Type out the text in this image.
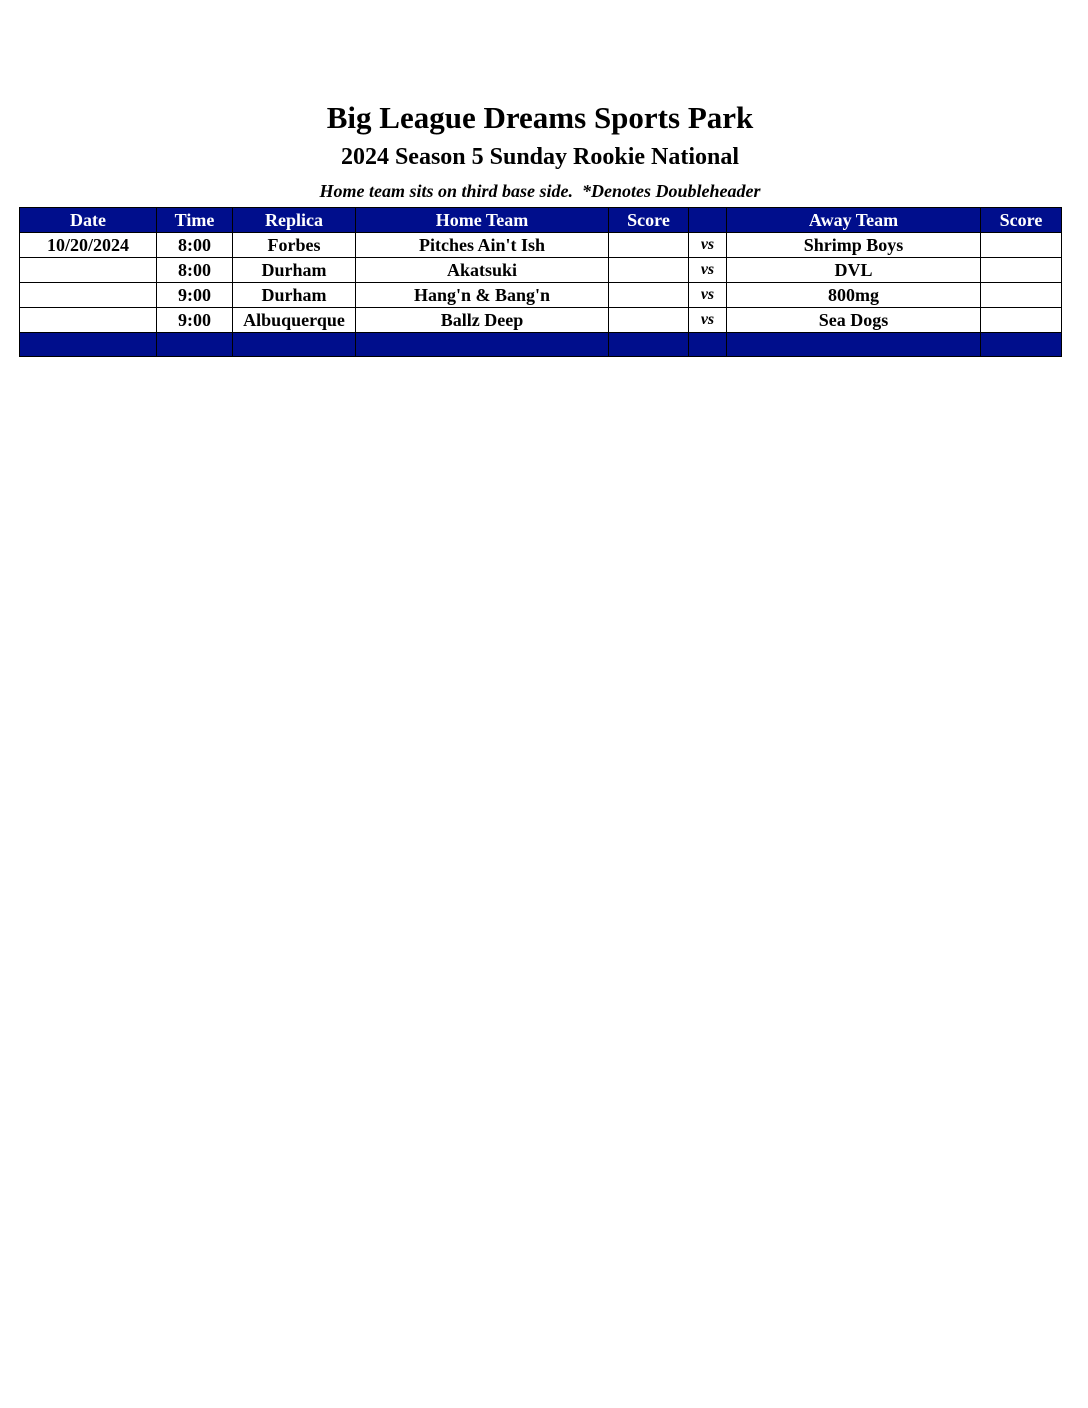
Big League Dreams Sports Park
2024 Season 5 Sunday Rookie National

Home team sits on third base side.  *Denotes Doubleheader

Date	Time	Replica	Home Team	Score		Away Team	Score
10/20/2024	8:00	Forbes	Pitches Ain't Ish		vs	Shrimp Boys	
	8:00	Durham	Akatsuki		vs	DVL	
	9:00	Durham	Hang'n & Bang'n		vs	800mg	
	9:00	Albuquerque	Ballz Deep		vs	Sea Dogs	
